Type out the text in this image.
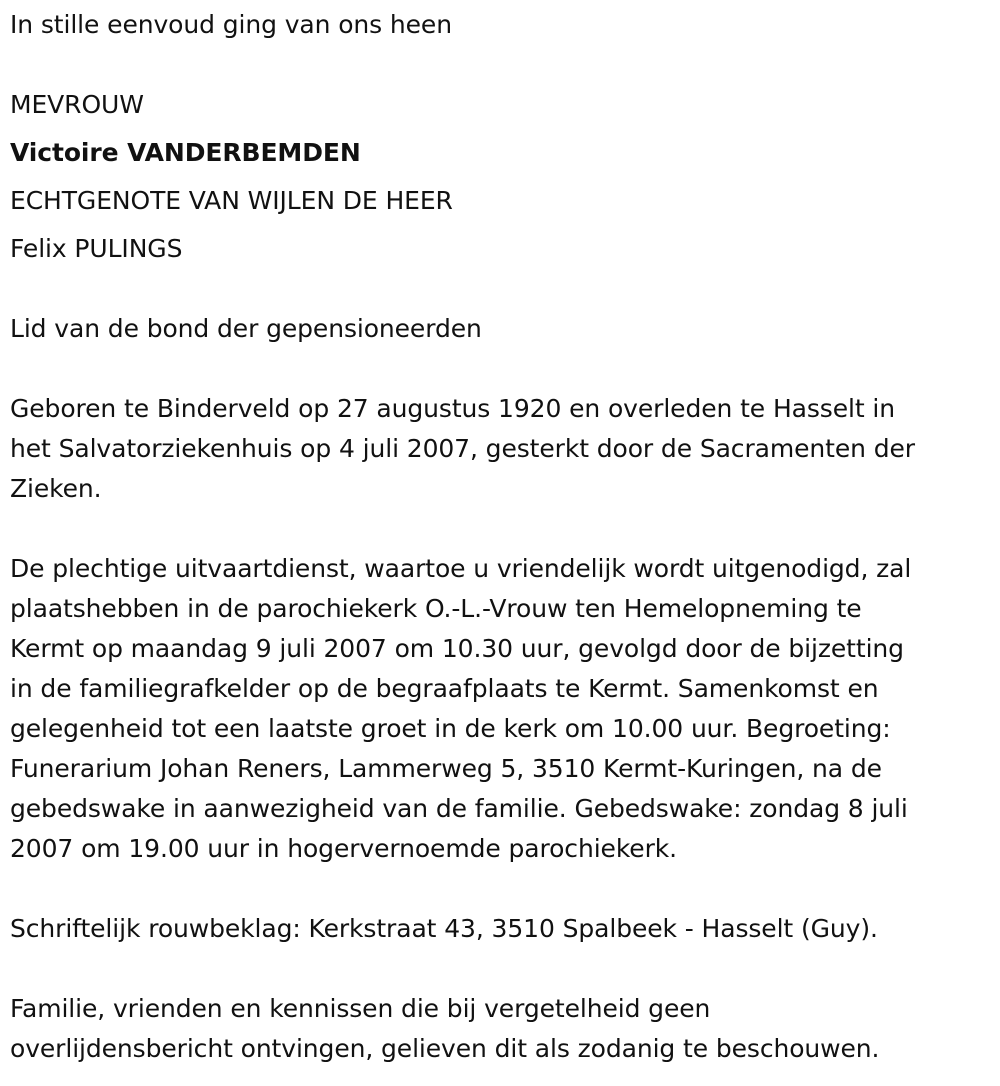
In stille eenvoud ging van ons heen
MEVROUW
Victoire VANDERBEMDEN
ECHTGENOTE VAN WIJLEN DE HEER
Felix PULINGS
Lid van de bond der gepensioneerden
Geboren te Binderveld op 27 augustus 1920 en overleden te Hasselt in
het Salvatorziekenhuis op 4 juli 2007, gesterkt door de Sacramenten der
Zieken.
De plechtige uitvaartdienst, waartoe u vriendelijk wordt uitgenodigd, zal
plaatshebben in de parochiekerk O.-L.-Vrouw ten Hemelopneming te
Kermt op maandag 9 juli 2007 om 10.30 uur, gevolgd door de bijzetting
in de familiegrafkelder op de begraafplaats te Kermt. Samenkomst en
gelegenheid tot een laatste groet in de kerk om 10.00 uur. Begroeting:
Funerarium Johan Reners, Lammerweg 5, 3510 Kermt-Kuringen, na de
gebedswake in aanwezigheid van de familie. Gebedswake: zondag 8 juli
2007 om 19.00 uur in hogervernoemde parochiekerk.
Schriftelijk rouwbeklag: Kerkstraat 43, 3510 Spalbeek - Hasselt (Guy).
Familie, vrienden en kennissen die bij vergetelheid geen
overlijdensbericht ontvingen, gelieven dit als zodanig te beschouwen.
